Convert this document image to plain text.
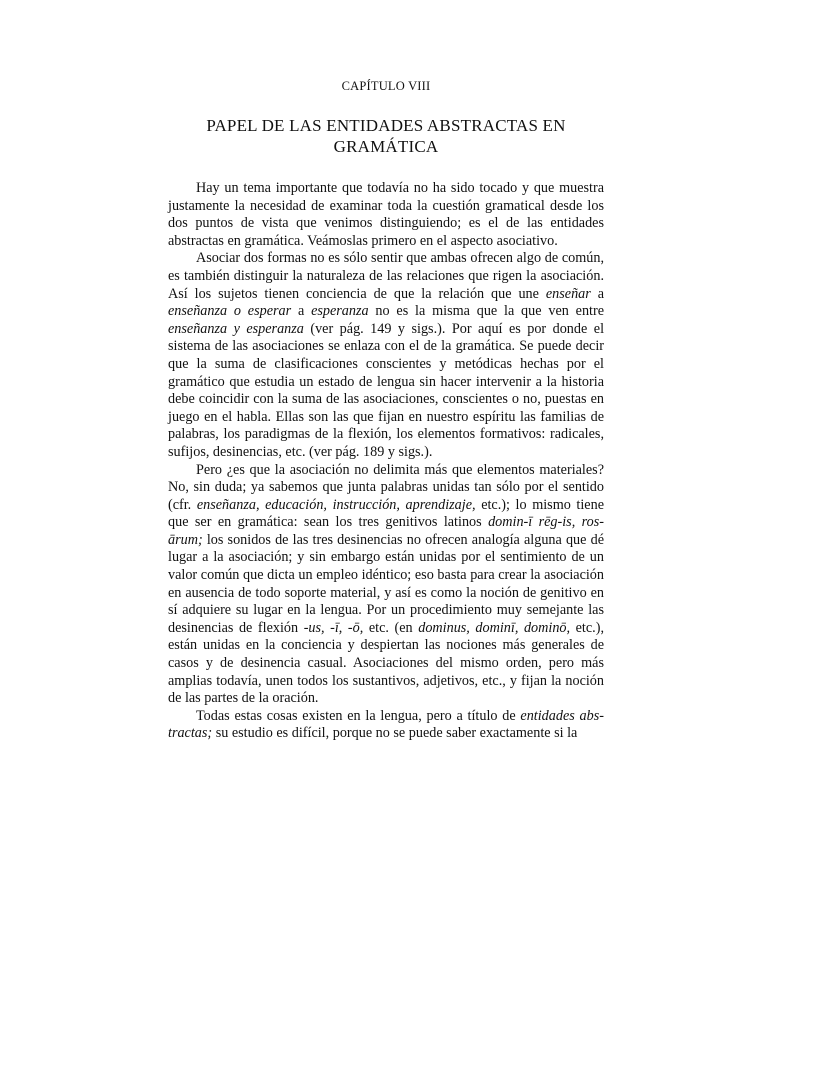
CAPÍTULO VIII
PAPEL DE LAS ENTIDADES ABSTRACTAS EN
GRAMÁTICA

Hay un tema importante que todavía no ha sido tocado y que muestra justamente la necesidad de examinar toda la cuestión gramatical desde los dos puntos de vista que venimos distinguiendo; es el de las entidades abstractas en gramática. Veámoslas primero en el aspecto asociativo.

Asociar dos formas no es sólo sentir que ambas ofrecen algo de común, es también distinguir la naturaleza de las relaciones que rigen la asociación. Así los sujetos tienen conciencia de que la relación que une enseñar a enseñanza o esperar a esperanza no es la misma que la que ven entre enseñanza y esperanza (ver pág. 149 y sigs.). Por aquí es por donde el sistema de las asociaciones se enlaza con el de la gramática. Se puede decir que la suma de clasificaciones conscientes y metódicas hechas por el gramático que estudia un estado de lengua sin hacer intervenir a la historia debe coincidir con la suma de las asociaciones, conscientes o no, puestas en juego en el habla. Ellas son las que fijan en nuestro espíritu las familias de palabras, los paradigmas de la flexión, los elementos formativos: radicales, sufijos, desinencias, etc. (ver pág. 189 y sigs.).

Pero ¿es que la asociación no delimita más que elementos materiales? No, sin duda; ya sabemos que junta palabras unidas tan sólo por el sentido (cfr. enseñanza, educación, instrucción, aprendizaje, etc.); lo mismo tiene que ser en gramática: sean los tres genitivos latinos domin-ī rēg-is, ros-ārum; los sonidos de las tres desinencias no ofrecen analogía alguna que dé lugar a la asociación; y sin embargo están unidas por el sentimiento de un valor común que dicta un empleo idéntico; eso basta para crear la asociación en ausencia de todo soporte material, y así es como la noción de genitivo en sí adquiere su lugar en la lengua. Por un procedimiento muy semejante las desinencias de flexión -us, -ī, -ō, etc. (en dominus, dominī, dominō, etc.), están unidas en la conciencia y despiertan las nociones más generales de casos y de desinencia casual. Asociaciones del mismo orden, pero más amplias todavía, unen todos los sustantivos, adjetivos, etc., y fijan la noción de las partes de la oración.

Todas estas cosas existen en la lengua, pero a título de entidades abstractas; su estudio es difícil, porque no se puede saber exactamente si la
